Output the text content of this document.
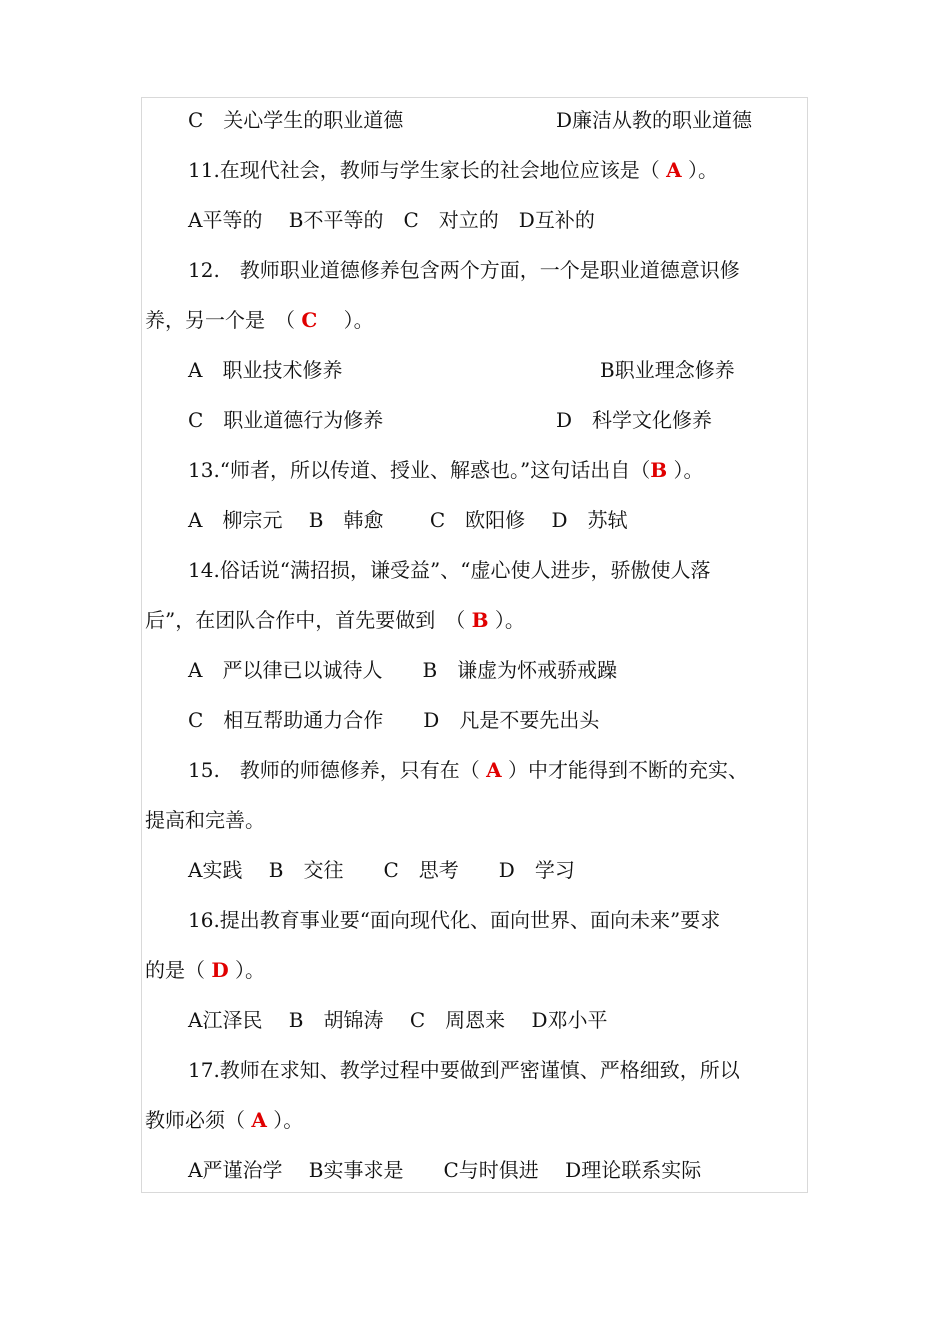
C　关心学生的职业道德	D廉洁从教的职业道德
11.在现代社会，教师与学生家长的社会地位应该是（ A ）。
A平等的　 B不平等的　C　对立的　D互补的
12.　教师职业道德修养包含两个方面，一个是职业道德意识修
养，另一个是　（ C　 ）。
A　职业技术修养	B职业理念修养
C　职业道德行为修养	D　科学文化修养
13.“师者，所以传道、授业、解惑也。”这句话出自（B ）。
A　柳宗元　 B　韩愈　 　C　欧阳修　 D　苏轼
14.俗话说“满招损，谦受益”、“虚心使人进步，骄傲使人落
后”，在团队合作中，首先要做到　（ B ）。
A　严以律已以诚待人　　B　谦虚为怀戒骄戒躁
C　相互帮助通力合作　　D　凡是不要先出头
15.　教师的师德修养，只有在（ A ）中才能得到不断的充实、
提高和完善。
A实践　 B　交往　　C　思考　　D　学习
16.提出教育事业要“面向现代化、面向世界、面向未来”要求
的是（ D ）。
A江泽民　 B　胡锦涛　 C　周恩来　 D邓小平
17.教师在求知、教学过程中要做到严密谨慎、严格细致，所以
教师必须（ A ）。
A严谨治学　 B实事求是　　C与时俱进　 D理论联系实际
